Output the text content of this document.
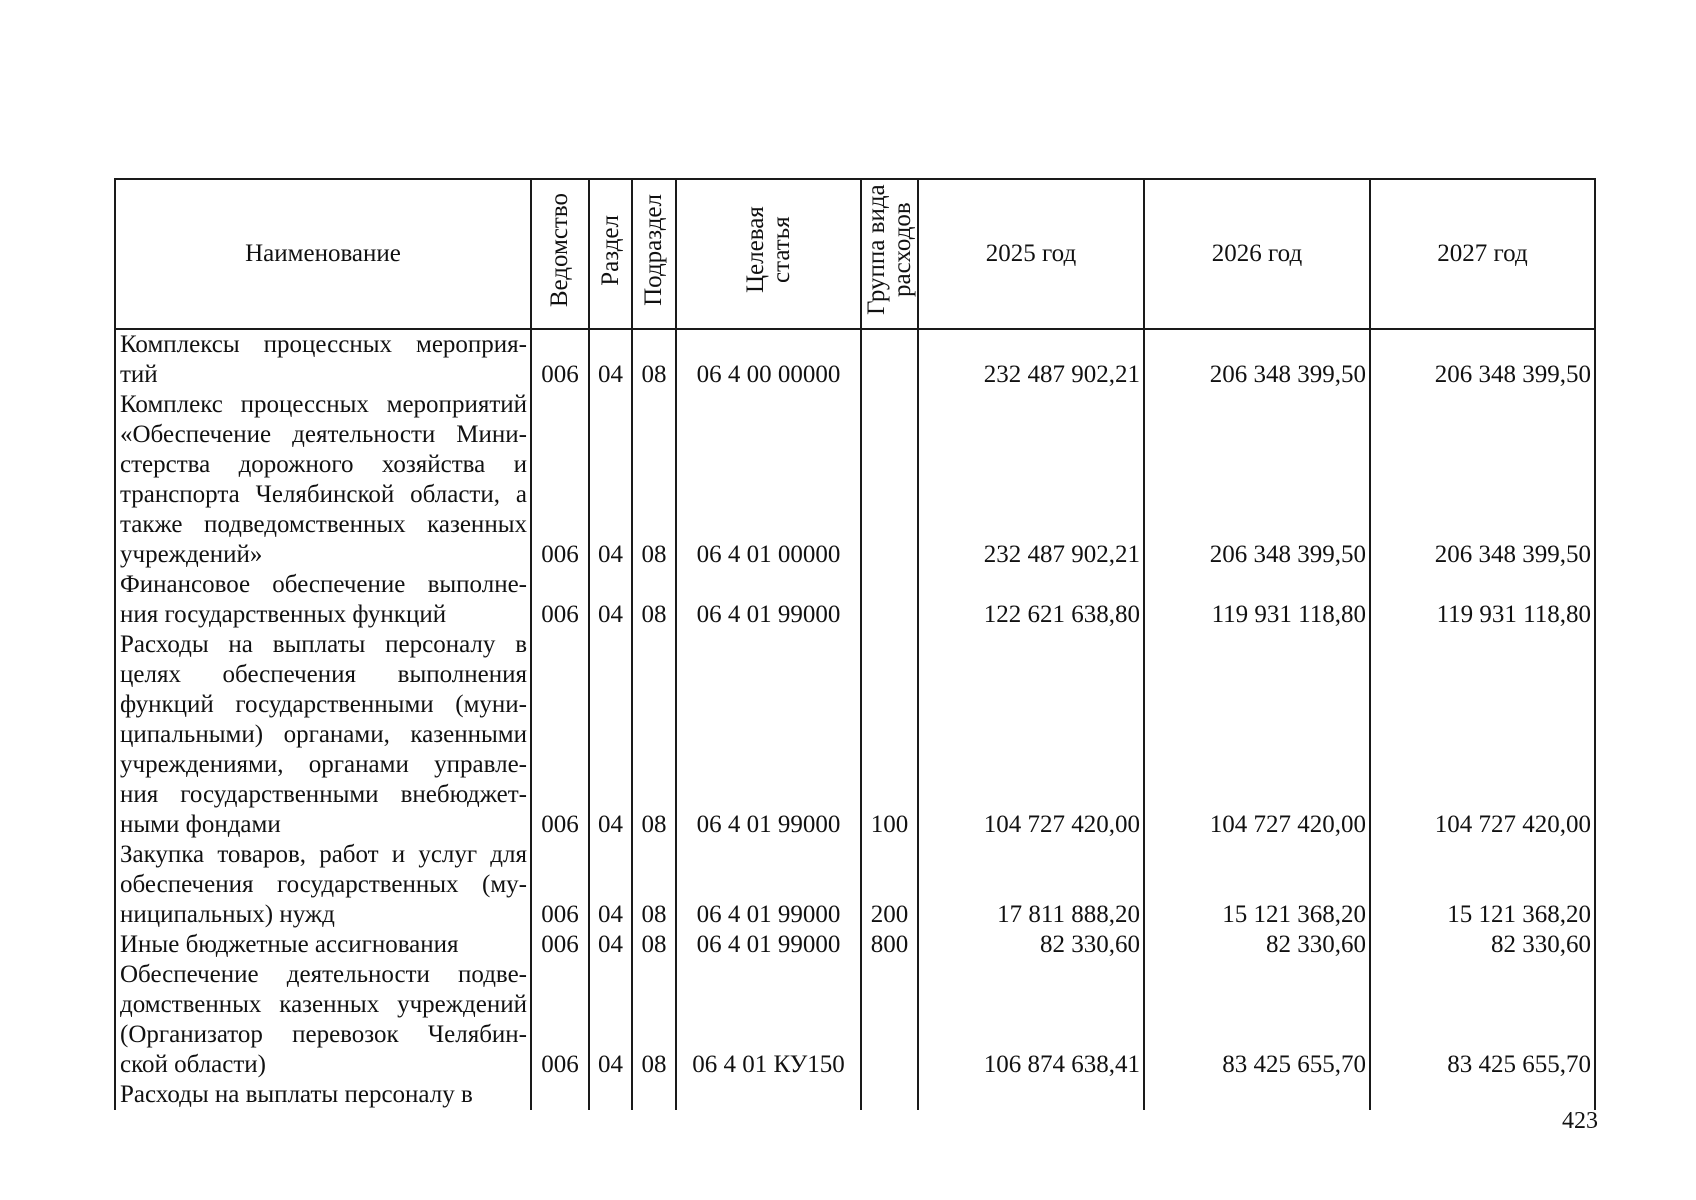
Наименование	Ведомство	Раздел	Подраздел	Целевая статья	Группа вида расходов	2025 год	2026 год	2027 год
Комплексы процессных мероприя-тий	006	04	08	06 4 00 00000		232 487 902,21	206 348 399,50	206 348 399,50
Комплекс процессных мероприятий «Обеспечение деятельности Мини-стерства дорожного хозяйства и транспорта Челябинской области, а также подведомственных казенных учреждений»	006	04	08	06 4 01 00000		232 487 902,21	206 348 399,50	206 348 399,50
Финансовое обеспечение выполне-ния государственных функций	006	04	08	06 4 01 99000		122 621 638,80	119 931 118,80	119 931 118,80
Расходы на выплаты персоналу в целях обеспечения выполнения функций государственными (муни-ципальными) органами, казенными учреждениями, органами управле-ния государственными внебюджет-ными фондами	006	04	08	06 4 01 99000	100	104 727 420,00	104 727 420,00	104 727 420,00
Закупка товаров, работ и услуг для обеспечения государственных (му-ниципальных) нужд	006	04	08	06 4 01 99000	200	17 811 888,20	15 121 368,20	15 121 368,20
Иные бюджетные ассигнования	006	04	08	06 4 01 99000	800	82 330,60	82 330,60	82 330,60
Обеспечение деятельности подве-домственных казенных учреждений (Организатор перевозок Челябин-ской области)	006	04	08	06 4 01 КУ150		106 874 638,41	83 425 655,70	83 425 655,70
Расходы на выплаты персоналу в								
423
